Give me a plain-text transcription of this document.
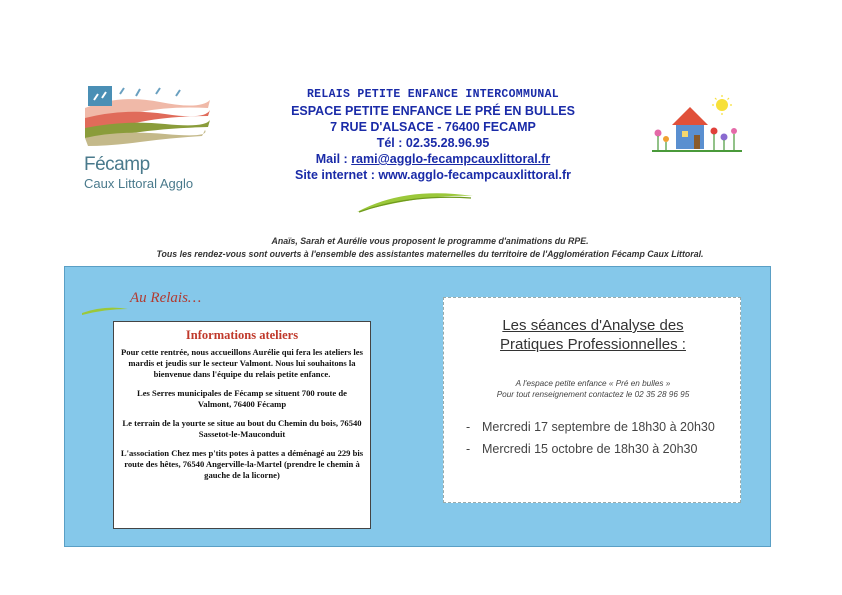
Fécamp
Caux Littoral Agglo
RELAIS PETITE ENFANCE INTERCOMMUNAL
ESPACE PETITE ENFANCE LE PRÉ EN BULLES
7 RUE D'ALSACE - 76400 FECAMP
Tél : 02.35.28.96.95
Mail : rami@agglo-fecampcauxlittoral.fr
Site internet : www.agglo-fecampcauxlittoral.fr
Anaïs, Sarah et Aurélie vous proposent le programme d'animations du RPE.
Tous les rendez-vous sont ouverts à l'ensemble des assistantes maternelles du territoire de l'Agglomération Fécamp Caux Littoral.
Au Relais…
Informations ateliers

Pour cette rentrée, nous accueillons Aurélie qui fera les ateliers les mardis et jeudis sur le secteur Valmont. Nous lui souhaitons la bienvenue dans l'équipe du relais petite enfance.

Les Serres municipales de Fécamp se situent 700 route de Valmont, 76400 Fécamp

Le terrain de la yourte se situe au bout du Chemin du bois, 76540 Sassetot-le-Mauconduit

L'association Chez mes p'tits potes à pattes a déménagé au 229 bis route des hêtes, 76540 Angerville-la-Martel (prendre le chemin à gauche de la licorne)

Les séances d'Analyse des
Pratiques Professionnelles :
A l'espace petite enfance « Pré en bulles »
Pour tout renseignement contactez le 02 35 28 96 95
- Mercredi 17 septembre de 18h30 à 20h30
- Mercredi 15 octobre de 18h30 à 20h30
